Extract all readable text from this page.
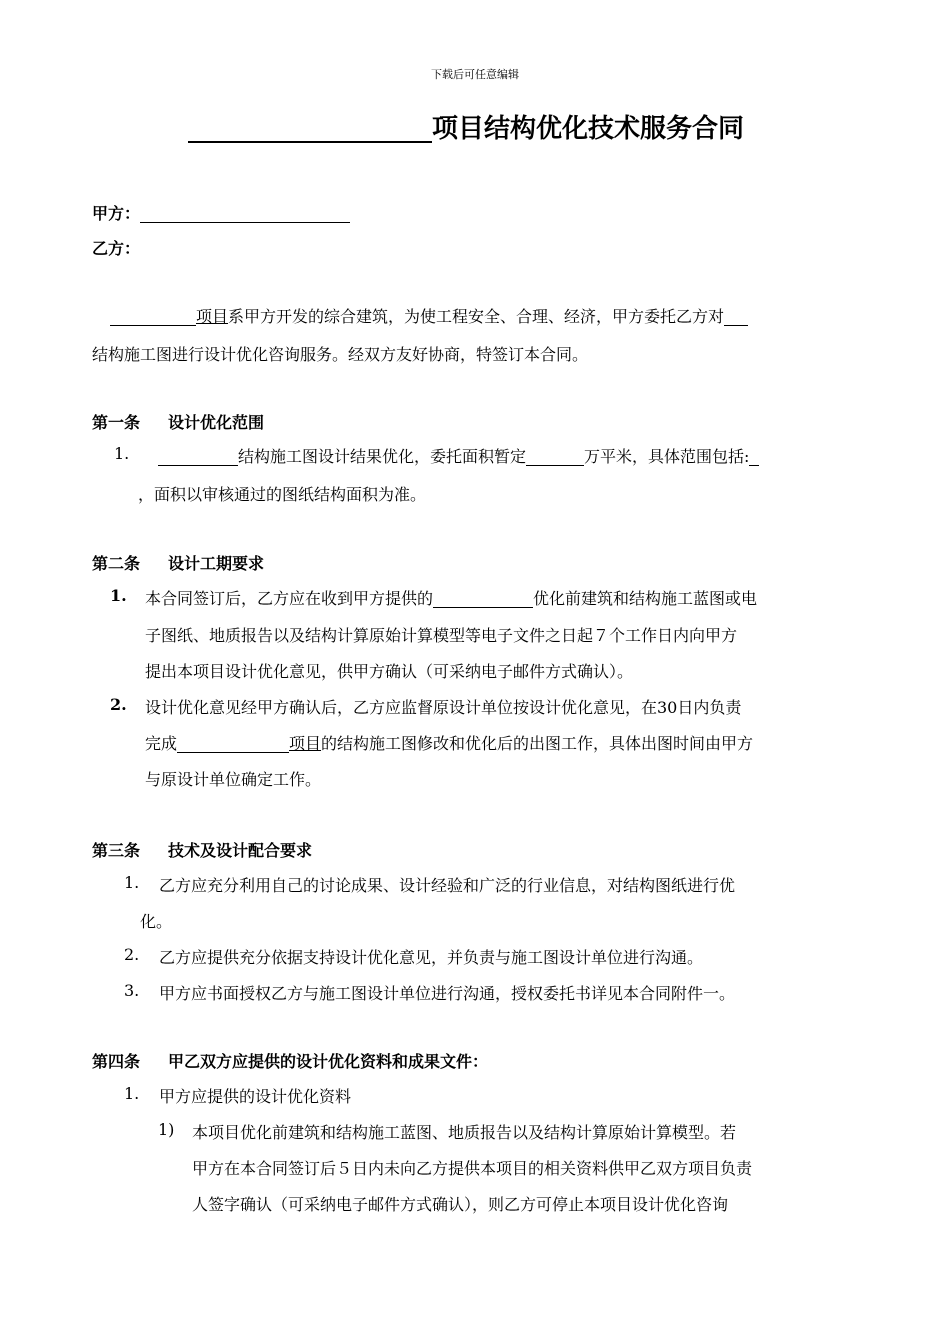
下载后可任意编辑
项目结构优化技术服务合同
甲方：
乙方：
项目系甲方开发的综合建筑，为使工程安全、合理、经济，甲方委托乙方对
结构施工图进行设计优化咨询服务。经双方友好协商，特签订本合同。
第一条 设计优化范围
1.	结构施工图设计结果优化，委托面积暂定	万平米，具体范围包括:
，面积以审核通过的图纸结构面积为准。
第二条 设计工期要求
1. 本合同签订后，乙方应在收到甲方提供的	优化前建筑和结构施工蓝图或电
子图纸、地质报告以及结构计算原始计算模型等电子文件之日起７个工作日内向甲方
提出本项目设计优化意见，供甲方确认（可采纳电子邮件方式确认）。
2. 设计优化意见经甲方确认后，乙方应监督原设计单位按设计优化意见，在30日内负责
完成	项目的结构施工图修改和优化后的出图工作，具体出图时间由甲方
与原设计单位确定工作。
第三条 技术及设计配合要求
1. 乙方应充分利用自己的讨论成果、设计经验和广泛的行业信息，对结构图纸进行优
化。
2. 乙方应提供充分依据支持设计优化意见，并负责与施工图设计单位进行沟通。
3. 甲方应书面授权乙方与施工图设计单位进行沟通，授权委托书详见本合同附件一。
第四条 甲乙双方应提供的设计优化资料和成果文件：
1. 甲方应提供的设计优化资料
1) 本项目优化前建筑和结构施工蓝图、地质报告以及结构计算原始计算模型。若
甲方在本合同签订后５日内未向乙方提供本项目的相关资料供甲乙双方项目负责
人签字确认（可采纳电子邮件方式确认），则乙方可停止本项目设计优化咨询
